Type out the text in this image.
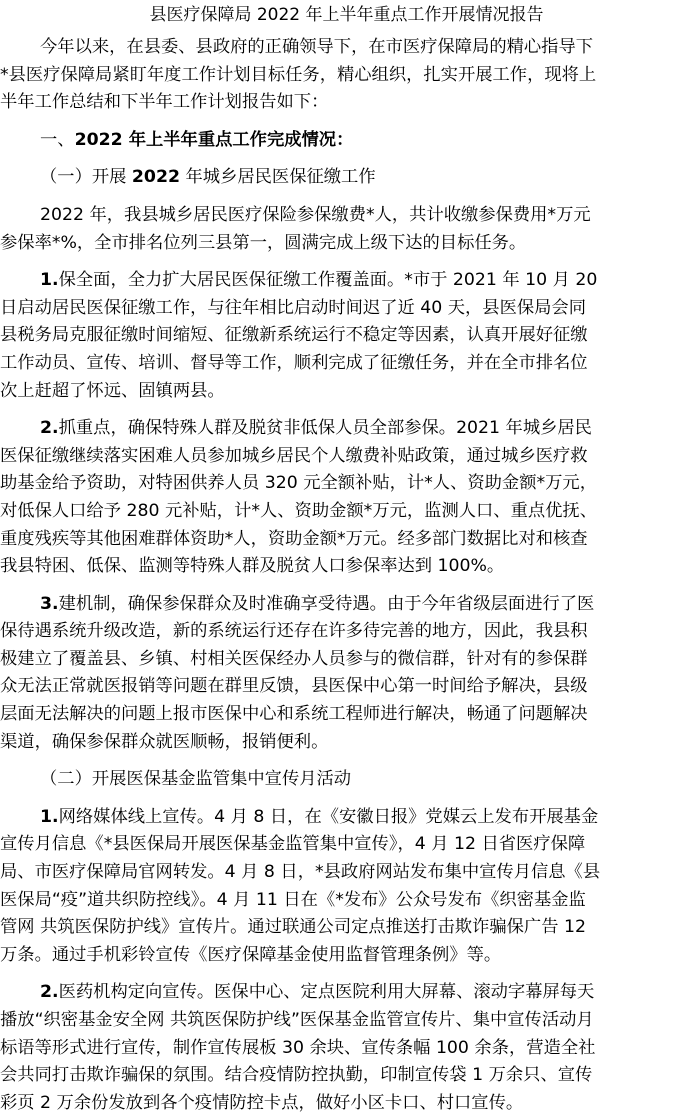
县医疗保障局 2022 年上半年重点工作开展情况报告
今年以来，在县委、县政府的正确领导下，在市医疗保障局的精心指导下
*县医疗保障局紧盯年度工作计划目标任务，精心组织，扎实开展工作，现将上
半年工作总结和下半年工作计划报告如下：
一、2022 年上半年重点工作完成情况：
（一）开展 2022 年城乡居民医保征缴工作
2022 年，我县城乡居民医疗保险参保缴费*人，共计收缴参保费用*万元
参保率*%，全市排名位列三县第一，圆满完成上级下达的目标任务。
1.保全面，全力扩大居民医保征缴工作覆盖面。*市于 2021 年 10 月 20
日启动居民医保征缴工作，与往年相比启动时间迟了近 40 天，县医保局会同
县税务局克服征缴时间缩短、征缴新系统运行不稳定等因素，认真开展好征缴
工作动员、宣传、培训、督导等工作，顺利完成了征缴任务，并在全市排名位
次上赶超了怀远、固镇两县。
2.抓重点，确保特殊人群及脱贫非低保人员全部参保。2021 年城乡居民
医保征缴继续落实困难人员参加城乡居民个人缴费补贴政策，通过城乡医疗救
助基金给予资助，对特困供养人员 320 元全额补贴，计*人、资助金额*万元，
对低保人口给予 280 元补贴，计*人、资助金额*万元，监测人口、重点优抚、
重度残疾等其他困难群体资助*人，资助金额*万元。经多部门数据比对和核查
我县特困、低保、监测等特殊人群及脱贫人口参保率达到 100%。
3.建机制，确保参保群众及时准确享受待遇。由于今年省级层面进行了医
保待遇系统升级改造，新的系统运行还存在许多待完善的地方，因此，我县积
极建立了覆盖县、乡镇、村相关医保经办人员参与的微信群，针对有的参保群
众无法正常就医报销等问题在群里反馈，县医保中心第一时间给予解决，县级
层面无法解决的问题上报市医保中心和系统工程师进行解决，畅通了问题解决
渠道，确保参保群众就医顺畅，报销便利。
（二）开展医保基金监管集中宣传月活动
1.网络媒体线上宣传。4 月 8 日，在《安徽日报》党媒云上发布开展基金
宣传月信息《*县医保局开展医保基金监管集中宣传》，4 月 12 日省医疗保障
局、市医疗保障局官网转发。4 月 8 日，*县政府网站发布集中宣传月信息《县
医保局“疫”道共织防控线》。4 月 11 日在《*发布》公众号发布《织密基金监
管网 共筑医保防护线》宣传片。通过联通公司定点推送打击欺诈骗保广告 12
万条。通过手机彩铃宣传《医疗保障基金使用监督管理条例》等。
2.医药机构定向宣传。医保中心、定点医院利用大屏幕、滚动字幕屏每天
播放“织密基金安全网 共筑医保防护线”医保基金监管宣传片、集中宣传活动月
标语等形式进行宣传，制作宣传展板 30 余块、宣传条幅 100 余条，营造全社
会共同打击欺诈骗保的氛围。结合疫情防控执勤，印制宣传袋 1 万余只、宣传
彩页 2 万余份发放到各个疫情防控卡点，做好小区卡口、村口宣传。
